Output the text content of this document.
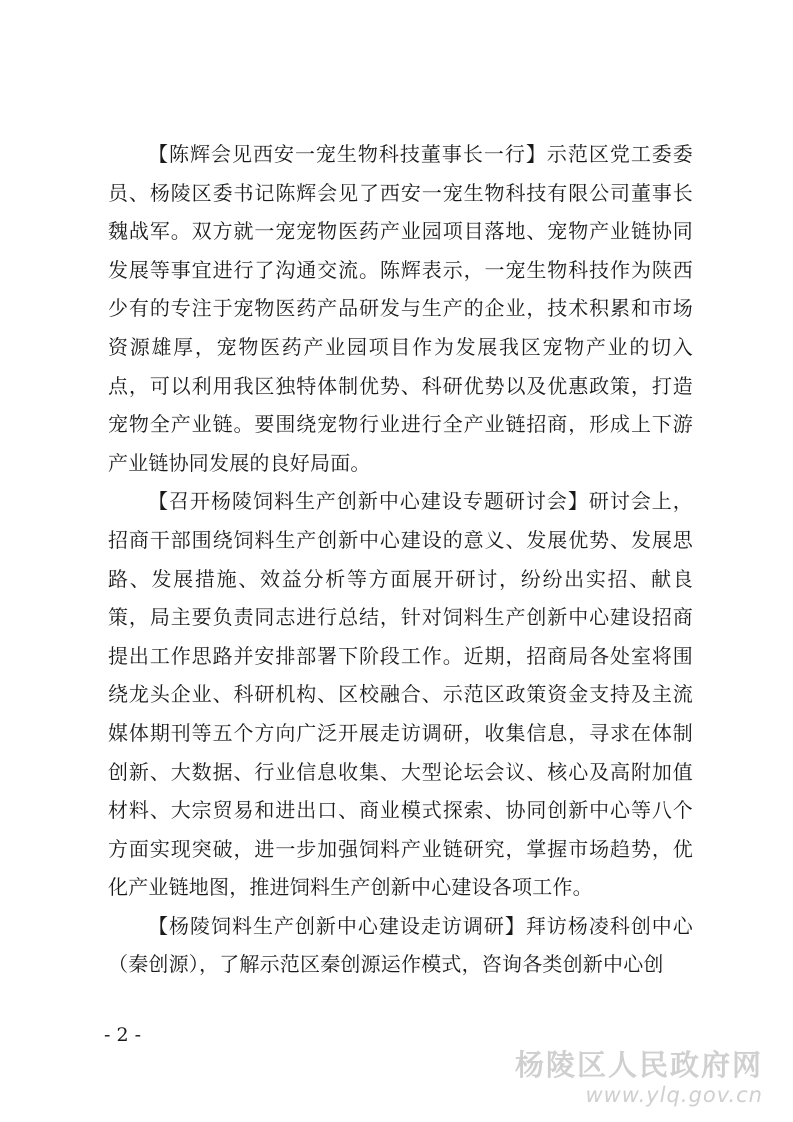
【陈辉会见西安一宠生物科技董事长一行】示范区党工委委员、杨陵区委书记陈辉会见了西安一宠生物科技有限公司董事长魏战军。双方就一宠宠物医药产业园项目落地、宠物产业链协同发展等事宜进行了沟通交流。陈辉表示，一宠生物科技作为陕西少有的专注于宠物医药产品研发与生产的企业，技术积累和市场资源雄厚，宠物医药产业园项目作为发展我区宠物产业的切入点，可以利用我区独特体制优势、科研优势以及优惠政策，打造宠物全产业链。要围绕宠物行业进行全产业链招商，形成上下游产业链协同发展的良好局面。

【召开杨陵饲料生产创新中心建设专题研讨会】研讨会上，招商干部围绕饲料生产创新中心建设的意义、发展优势、发展思路、发展措施、效益分析等方面展开研讨，纷纷出实招、献良策，局主要负责同志进行总结，针对饲料生产创新中心建设招商提出工作思路并安排部署下阶段工作。近期，招商局各处室将围绕龙头企业、科研机构、区校融合、示范区政策资金支持及主流媒体期刊等五个方向广泛开展走访调研，收集信息，寻求在体制创新、大数据、行业信息收集、大型论坛会议、核心及高附加值材料、大宗贸易和进出口、商业模式探索、协同创新中心等八个方面实现突破，进一步加强饲料产业链研究，掌握市场趋势，优化产业链地图，推进饲料生产创新中心建设各项工作。

【杨陵饲料生产创新中心建设走访调研】拜访杨凌科创中心（秦创源），了解示范区秦创源运作模式，咨询各类创新中心创

- 2 -
杨陵区人民政府网
www.ylq.gov.cn
